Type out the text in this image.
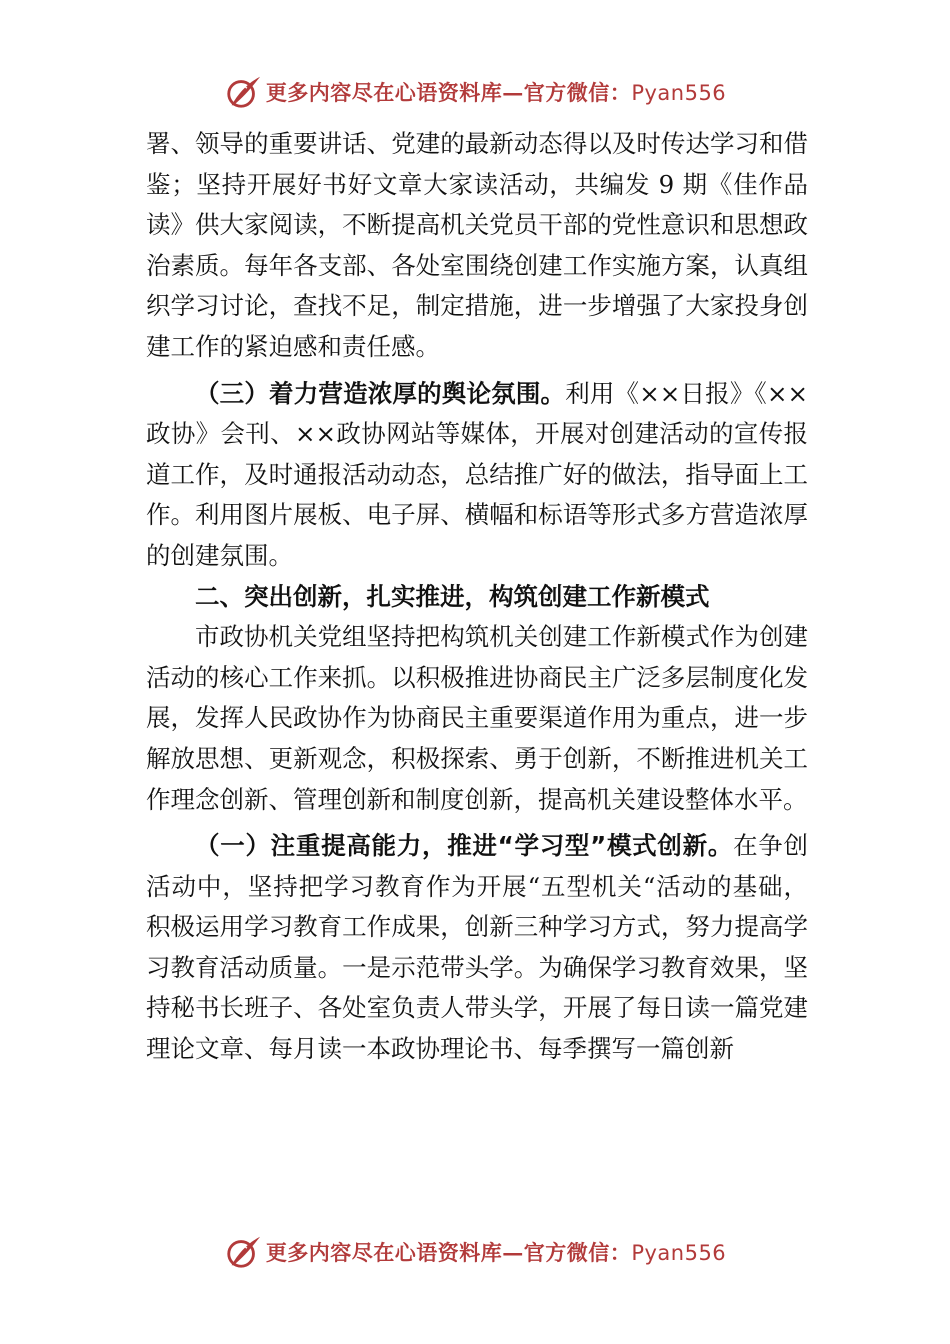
更多内容尽在心语资料库—官方微信：Pyan556

署、领导的重要讲话、党建的最新动态得以及时传达学习和借鉴；坚持开展好书好文章大家读活动，共编发 9 期《佳作品读》供大家阅读，不断提高机关党员干部的党性意识和思想政治素质。每年各支部、各处室围绕创建工作实施方案，认真组织学习讨论，查找不足，制定措施，进一步增强了大家投身创建工作的紧迫感和责任感。

（三）着力营造浓厚的舆论氛围。利用《××日报》《××政协》会刊、××政协网站等媒体，开展对创建活动的宣传报道工作，及时通报活动动态，总结推广好的做法，指导面上工作。利用图片展板、电子屏、横幅和标语等形式多方营造浓厚的创建氛围。

二、突出创新，扎实推进，构筑创建工作新模式

市政协机关党组坚持把构筑机关创建工作新模式作为创建活动的核心工作来抓。以积极推进协商民主广泛多层制度化发展，发挥人民政协作为协商民主重要渠道作用为重点，进一步解放思想、更新观念，积极探索、勇于创新，不断推进机关工作理念创新、管理创新和制度创新，提高机关建设整体水平。

（一）注重提高能力，推进“学习型”模式创新。在争创活动中，坚持把学习教育作为开展“五型机关“活动的基础，积极运用学习教育工作成果，创新三种学习方式，努力提高学习教育活动质量。一是示范带头学。为确保学习教育效果，坚持秘书长班子、各处室负责人带头学，开展了每日读一篇党建理论文章、每月读一本政协理论书、每季撰写一篇创新

更多内容尽在心语资料库—官方微信：Pyan556
